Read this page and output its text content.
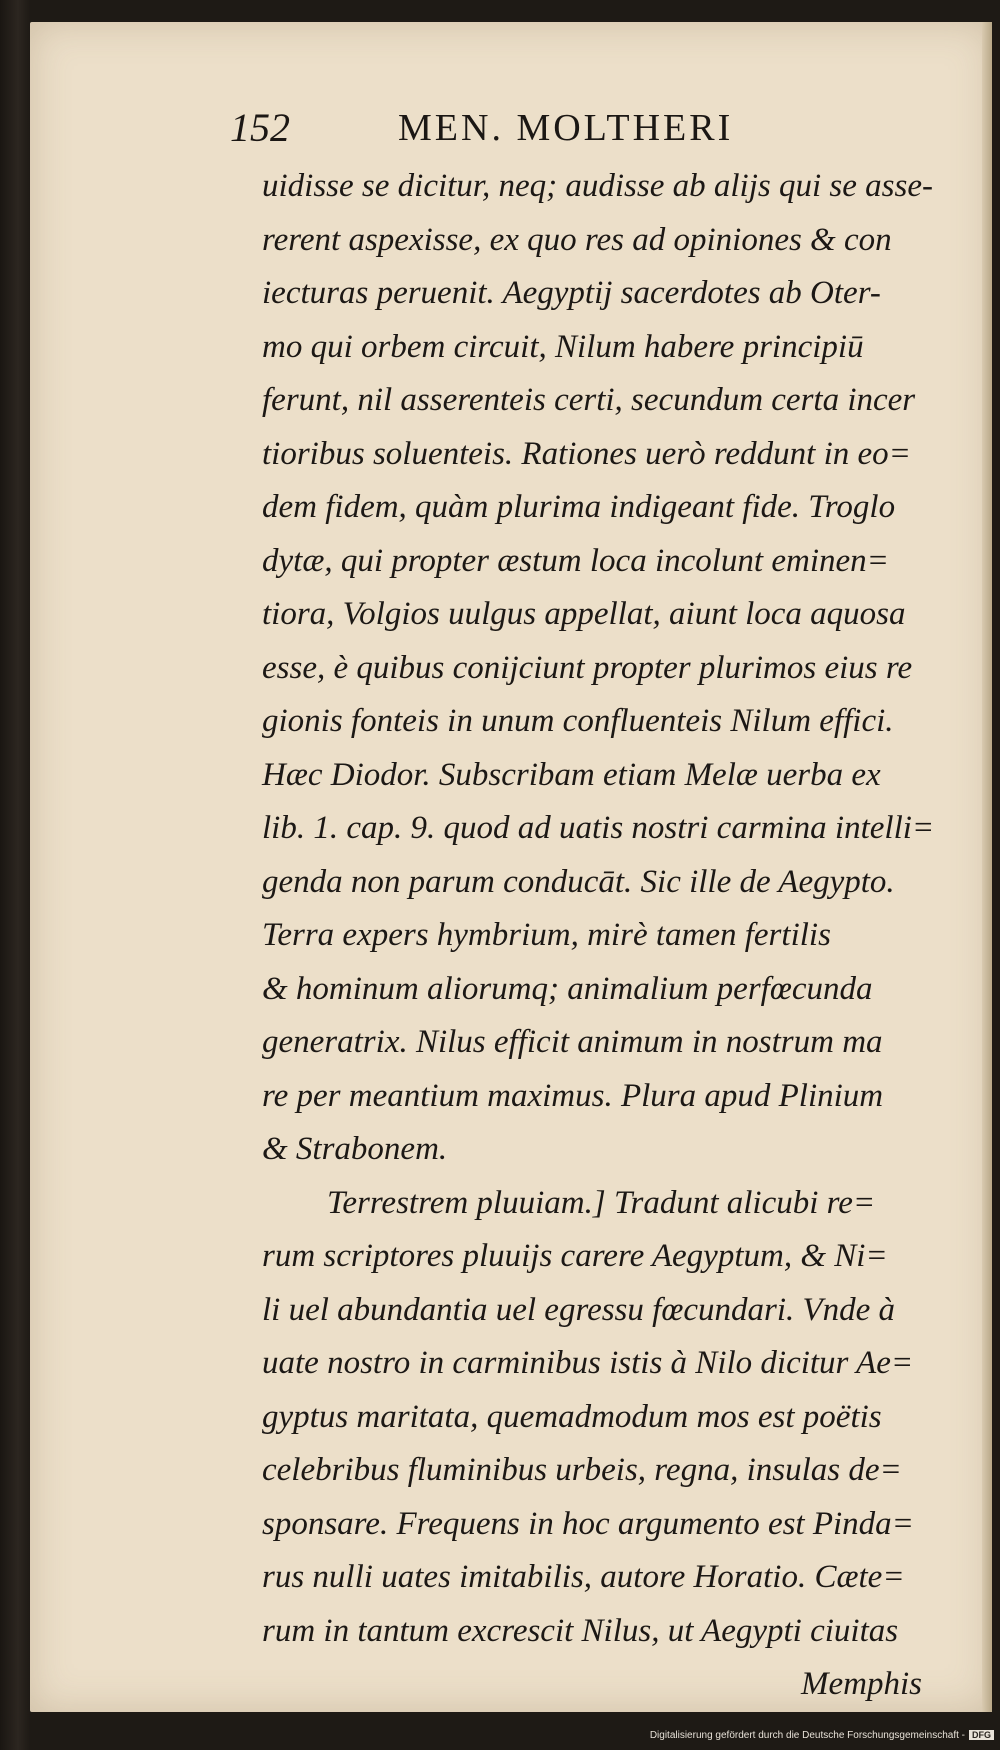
152	MEN. MOLTHERI
uidisse se dicitur, neq; audisse ab alijs qui se asse-
rerent aspexisse, ex quo res ad opiniones & con
iecturas peruenit. Aegyptij sacerdotes ab Oter-
mo qui orbem circuit, Nilum habere principiū
ferunt, nil asserenteis certi, secundum certa incer
tioribus soluenteis. Rationes uerò reddunt in eo=
dem fidem, quàm plurima indigeant fide. Troglo
dytæ, qui propter æstum loca incolunt eminen=
tiora, Volgios uulgus appellat, aiunt loca aquosa
esse, è quibus conijciunt propter plurimos eius re
gionis fonteis in unum confluenteis Nilum effici.
Hæc Diodor. Subscribam etiam Melæ uerba ex
lib. 1. cap. 9. quod ad uatis nostri carmina intelli=
genda non parum conducāt. Sic ille de Aegypto.
Terra expers hymbrium, mirè tamen fertilis
& hominum aliorumq; animalium perfœcunda
generatrix. Nilus efficit animum in nostrum ma
re per meantium maximus. Plura apud Plinium
& Strabonem.
Terrestrem pluuiam.] Tradunt alicubi re=
rum scriptores pluuijs carere Aegyptum, & Ni=
li uel abundantia uel egressu fœcundari. Vnde à
uate nostro in carminibus istis à Nilo dicitur Ae=
gyptus maritata, quemadmodum mos est poëtis
celebribus fluminibus urbeis, regna, insulas de=
sponsare. Frequens in hoc argumento est Pinda=
rus nulli uates imitabilis, autore Horatio. Cæte=
rum in tantum excrescit Nilus, ut Aegypti ciuitas
Memphis
Digitalisierung gefördert durch die Deutsche Forschungsgemeinschaft - DFG
